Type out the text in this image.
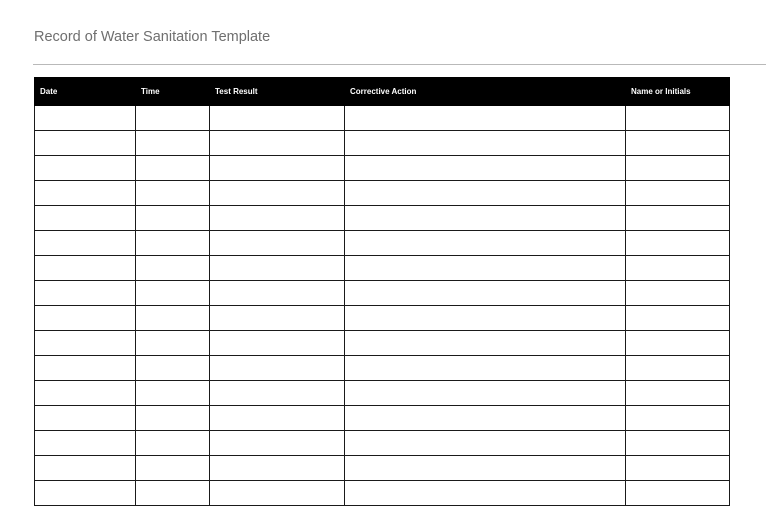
Record of Water Sanitation Template
Date	Time	Test Result	Corrective Action	Name or Initials
